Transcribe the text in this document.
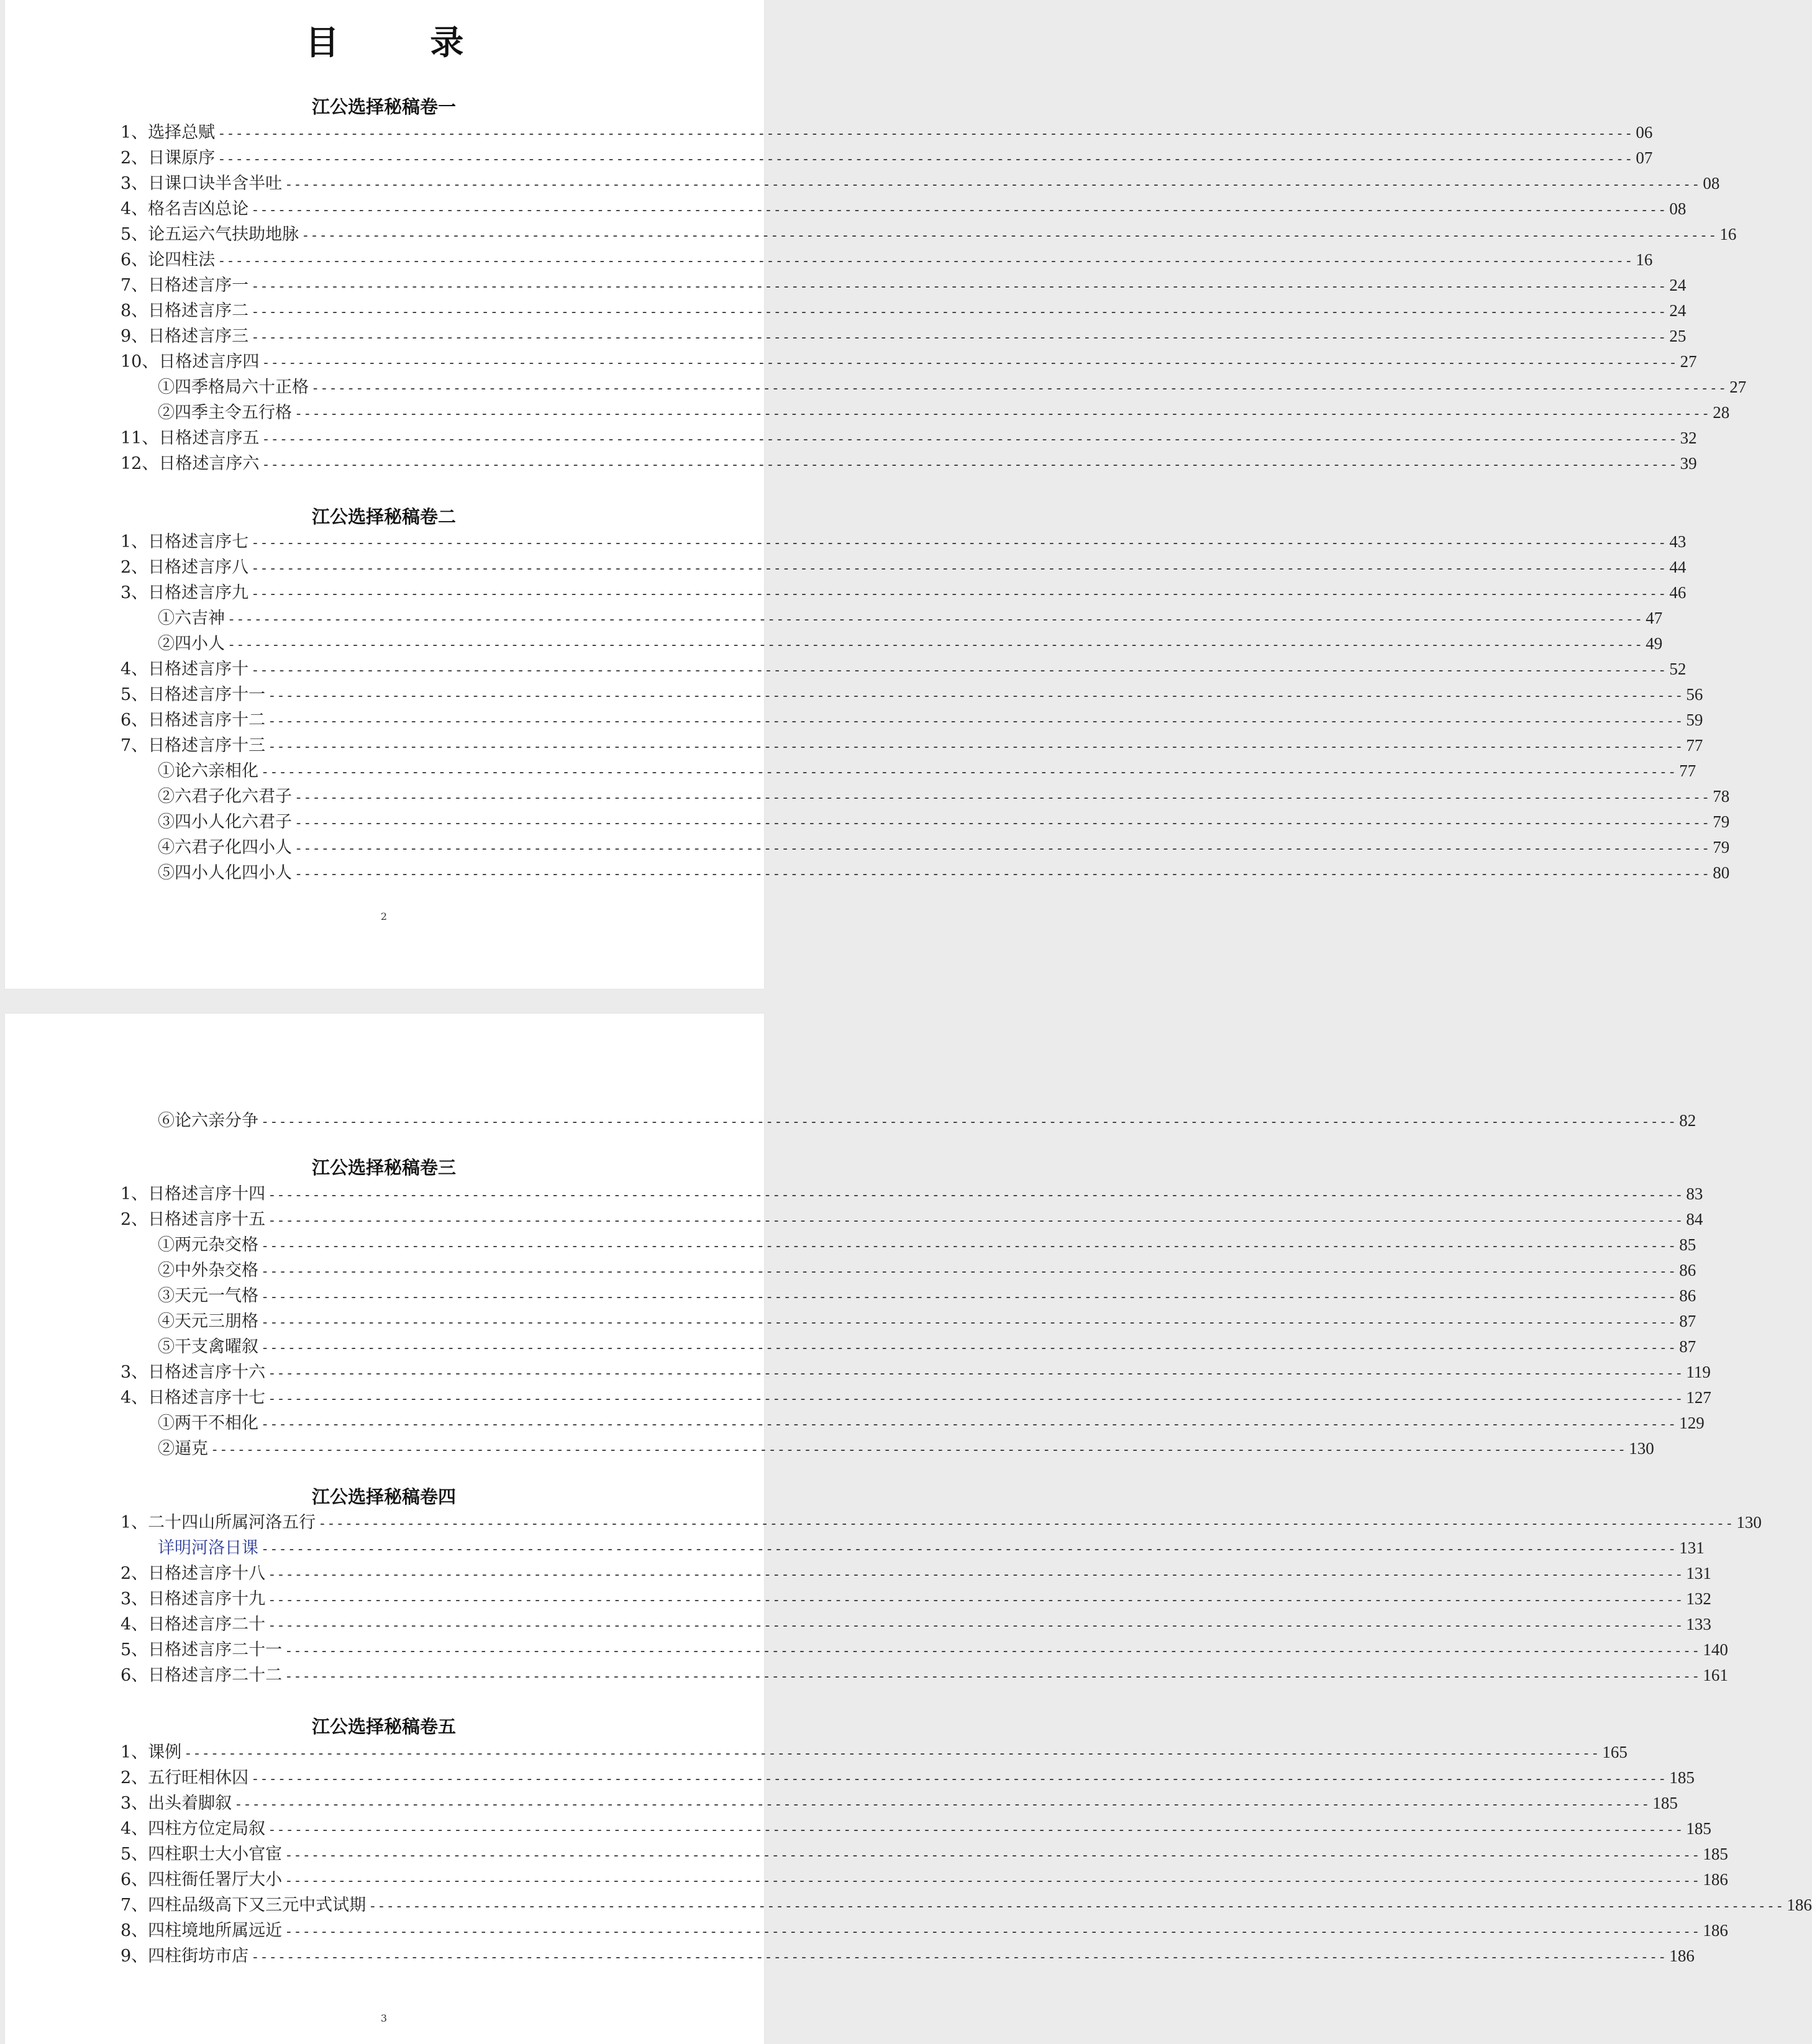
目 录
2
江公选择秘稿卷一
1、选择总赋 ---------------------------------------------------------------------------------------------------------------------------------------------------------------- 06
2、日课原序 ---------------------------------------------------------------------------------------------------------------------------------------------------------------- 07
3、日课口诀半含半吐 ---------------------------------------------------------------------------------------------------------------------------------------------------------------- 08
4、格名吉凶总论 ---------------------------------------------------------------------------------------------------------------------------------------------------------------- 08
5、论五运六气扶助地脉 ---------------------------------------------------------------------------------------------------------------------------------------------------------------- 16
6、论四柱法 ---------------------------------------------------------------------------------------------------------------------------------------------------------------- 16
7、日格述言序一 ---------------------------------------------------------------------------------------------------------------------------------------------------------------- 24
8、日格述言序二 ---------------------------------------------------------------------------------------------------------------------------------------------------------------- 24
9、日格述言序三 ---------------------------------------------------------------------------------------------------------------------------------------------------------------- 25
10、日格述言序四 ---------------------------------------------------------------------------------------------------------------------------------------------------------------- 27
①四季格局六十正格 ---------------------------------------------------------------------------------------------------------------------------------------------------------------- 27
②四季主令五行格 ---------------------------------------------------------------------------------------------------------------------------------------------------------------- 28
11、日格述言序五 ---------------------------------------------------------------------------------------------------------------------------------------------------------------- 32
12、日格述言序六 ---------------------------------------------------------------------------------------------------------------------------------------------------------------- 39
江公选择秘稿卷二
1、日格述言序七 ---------------------------------------------------------------------------------------------------------------------------------------------------------------- 43
2、日格述言序八 ---------------------------------------------------------------------------------------------------------------------------------------------------------------- 44
3、日格述言序九 ---------------------------------------------------------------------------------------------------------------------------------------------------------------- 46
①六吉神 ---------------------------------------------------------------------------------------------------------------------------------------------------------------- 47
②四小人 ---------------------------------------------------------------------------------------------------------------------------------------------------------------- 49
4、日格述言序十 ---------------------------------------------------------------------------------------------------------------------------------------------------------------- 52
5、日格述言序十一 ---------------------------------------------------------------------------------------------------------------------------------------------------------------- 56
6、日格述言序十二 ---------------------------------------------------------------------------------------------------------------------------------------------------------------- 59
7、日格述言序十三 ---------------------------------------------------------------------------------------------------------------------------------------------------------------- 77
①论六亲相化 ---------------------------------------------------------------------------------------------------------------------------------------------------------------- 77
②六君子化六君子 ---------------------------------------------------------------------------------------------------------------------------------------------------------------- 78
③四小人化六君子 ---------------------------------------------------------------------------------------------------------------------------------------------------------------- 79
④六君子化四小人 ---------------------------------------------------------------------------------------------------------------------------------------------------------------- 79
⑤四小人化四小人 ---------------------------------------------------------------------------------------------------------------------------------------------------------------- 80
3
⑥论六亲分争 ---------------------------------------------------------------------------------------------------------------------------------------------------------------- 82
江公选择秘稿卷三
1、日格述言序十四 ---------------------------------------------------------------------------------------------------------------------------------------------------------------- 83
2、日格述言序十五 ---------------------------------------------------------------------------------------------------------------------------------------------------------------- 84
①两元杂交格 ---------------------------------------------------------------------------------------------------------------------------------------------------------------- 85
②中外杂交格 ---------------------------------------------------------------------------------------------------------------------------------------------------------------- 86
③天元一气格 ---------------------------------------------------------------------------------------------------------------------------------------------------------------- 86
④天元三朋格 ---------------------------------------------------------------------------------------------------------------------------------------------------------------- 87
⑤干支禽曜叙 ---------------------------------------------------------------------------------------------------------------------------------------------------------------- 87
3、日格述言序十六 ---------------------------------------------------------------------------------------------------------------------------------------------------------------- 119
4、日格述言序十七 ---------------------------------------------------------------------------------------------------------------------------------------------------------------- 127
①两干不相化 ---------------------------------------------------------------------------------------------------------------------------------------------------------------- 129
②逼克 ---------------------------------------------------------------------------------------------------------------------------------------------------------------- 130
江公选择秘稿卷四
1、二十四山所属河洛五行 ---------------------------------------------------------------------------------------------------------------------------------------------------------------- 130
详明河洛日课 ---------------------------------------------------------------------------------------------------------------------------------------------------------------- 131
2、日格述言序十八 ---------------------------------------------------------------------------------------------------------------------------------------------------------------- 131
3、日格述言序十九 ---------------------------------------------------------------------------------------------------------------------------------------------------------------- 132
4、日格述言序二十 ---------------------------------------------------------------------------------------------------------------------------------------------------------------- 133
5、日格述言序二十一 ---------------------------------------------------------------------------------------------------------------------------------------------------------------- 140
6、日格述言序二十二 ---------------------------------------------------------------------------------------------------------------------------------------------------------------- 161
江公选择秘稿卷五
1、课例 ---------------------------------------------------------------------------------------------------------------------------------------------------------------- 165
2、五行旺相休囚 ---------------------------------------------------------------------------------------------------------------------------------------------------------------- 185
3、出头着脚叙 ---------------------------------------------------------------------------------------------------------------------------------------------------------------- 185
4、四柱方位定局叙 ---------------------------------------------------------------------------------------------------------------------------------------------------------------- 185
5、四柱职士大小官宦 ---------------------------------------------------------------------------------------------------------------------------------------------------------------- 185
6、四柱衙任署厅大小 ---------------------------------------------------------------------------------------------------------------------------------------------------------------- 186
7、四柱品级高下又三元中式试期 ---------------------------------------------------------------------------------------------------------------------------------------------------------------- 186
8、四柱境地所属远近 ---------------------------------------------------------------------------------------------------------------------------------------------------------------- 186
9、四柱街坊市店 ---------------------------------------------------------------------------------------------------------------------------------------------------------------- 186
